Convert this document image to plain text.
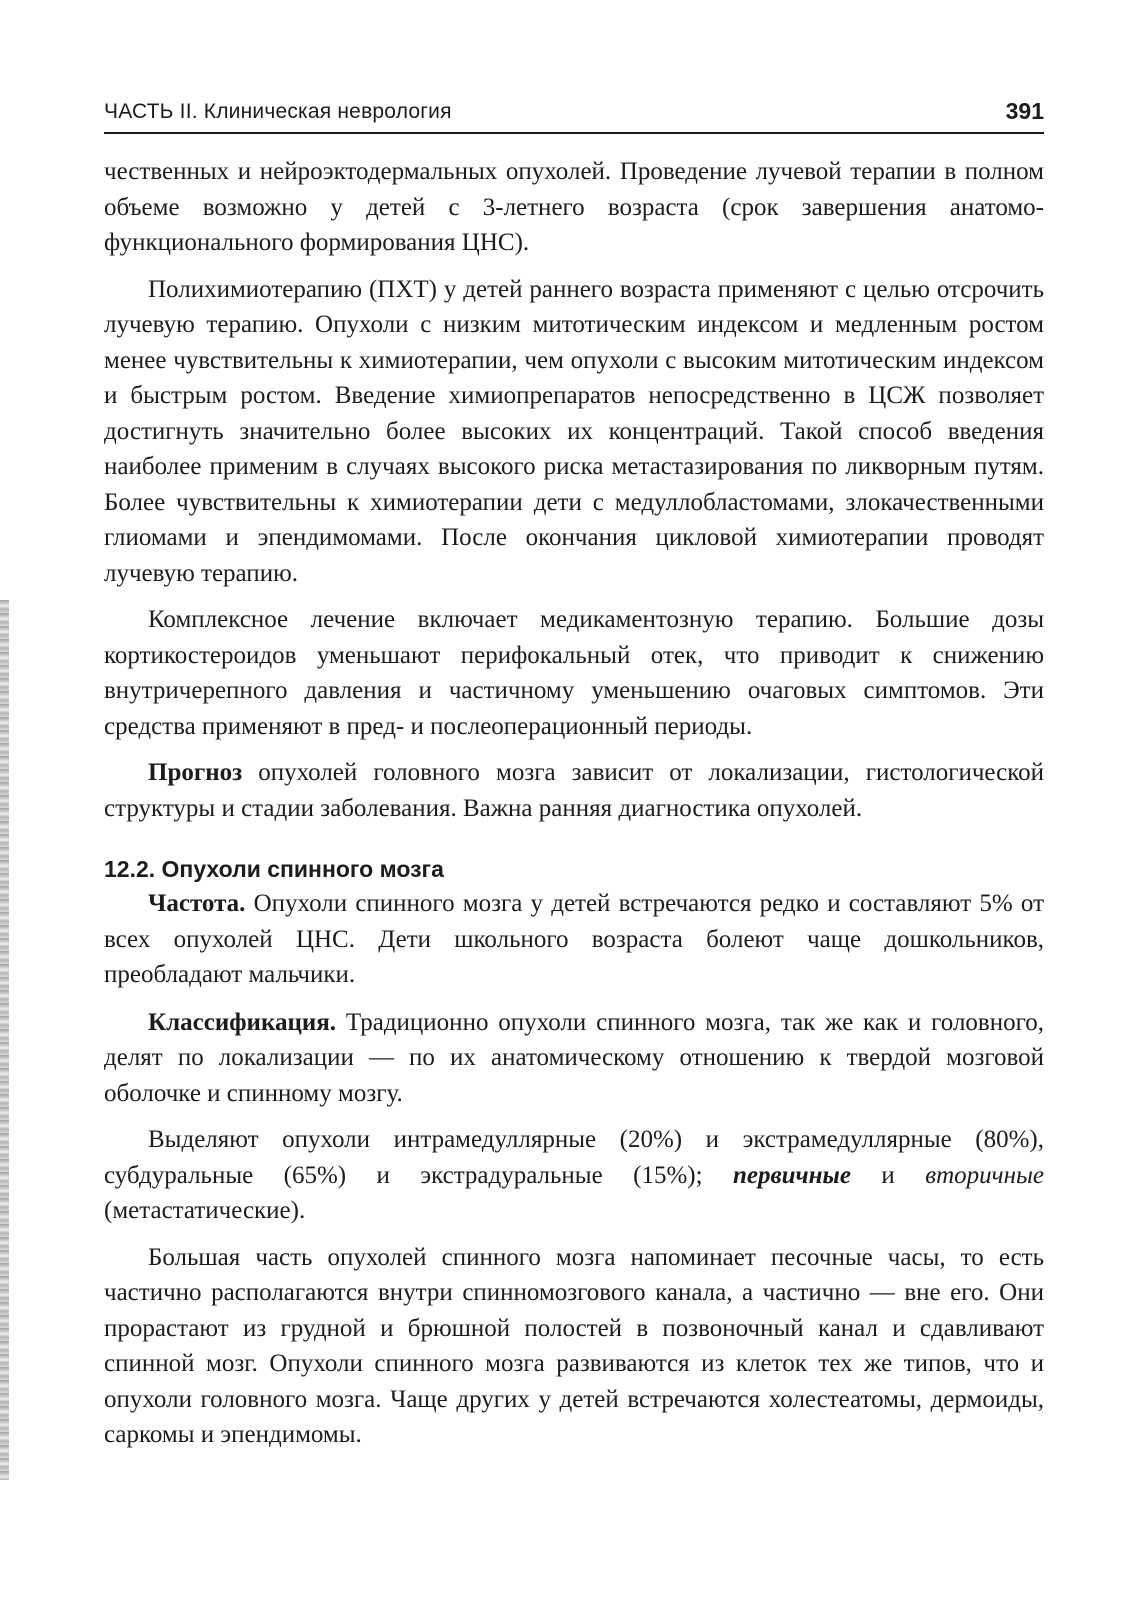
ЧАСТЬ II. Клиническая неврология	391

чественных и нейроэктодермальных опухолей. Проведение лучевой терапии в полном объеме возможно у детей с 3-летнего возраста (срок завершения анатомо-функционального формирования ЦНС).

Полихимиотерапию (ПХТ) у детей раннего возраста применяют с целью отсрочить лучевую терапию. Опухоли с низким митотическим индексом и медленным ростом менее чувствительны к химиотерапии, чем опухоли с высоким митотическим индексом и быстрым ростом. Введение химиопрепаратов непосредственно в ЦСЖ позволяет достигнуть значительно более высоких их концентраций. Такой способ введения наиболее применим в случаях высокого риска метастазирования по ликворным путям. Более чувствительны к химиотерапии дети с медуллобластомами, злокачественными глиомами и эпендимомами. После окончания цикловой химиотерапии проводят лучевую терапию.

Комплексное лечение включает медикаментозную терапию. Большие дозы кортикостероидов уменьшают перифокальный отек, что приводит к снижению внутричерепного давления и частичному уменьшению очаговых симптомов. Эти средства применяют в пред- и послеоперационный периоды.

Прогноз опухолей головного мозга зависит от локализации, гистологической структуры и стадии заболевания. Важна ранняя диагностика опухолей.

12.2. Опухоли спинного мозга

Частота. Опухоли спинного мозга у детей встречаются редко и составляют 5% от всех опухолей ЦНС. Дети школьного возраста болеют чаще дошкольников, преобладают мальчики.

Классификация. Традиционно опухоли спинного мозга, так же как и головного, делят по локализации — по их анатомическому отношению к твердой мозговой оболочке и спинному мозгу.

Выделяют опухоли интрамедуллярные (20%) и экстрамедуллярные (80%), субдуральные (65%) и экстрадуральные (15%); первичные и вторичные (метастатические).

Большая часть опухолей спинного мозга напоминает песочные часы, то есть частично располагаются внутри спинномозгового канала, а частично — вне его. Они прорастают из грудной и брюшной полостей в позвоночный канал и сдавливают спинной мозг. Опухоли спинного мозга развиваются из клеток тех же типов, что и опухоли головного мозга. Чаще других у детей встречаются холестеатомы, дермоиды, саркомы и эпендимомы.
